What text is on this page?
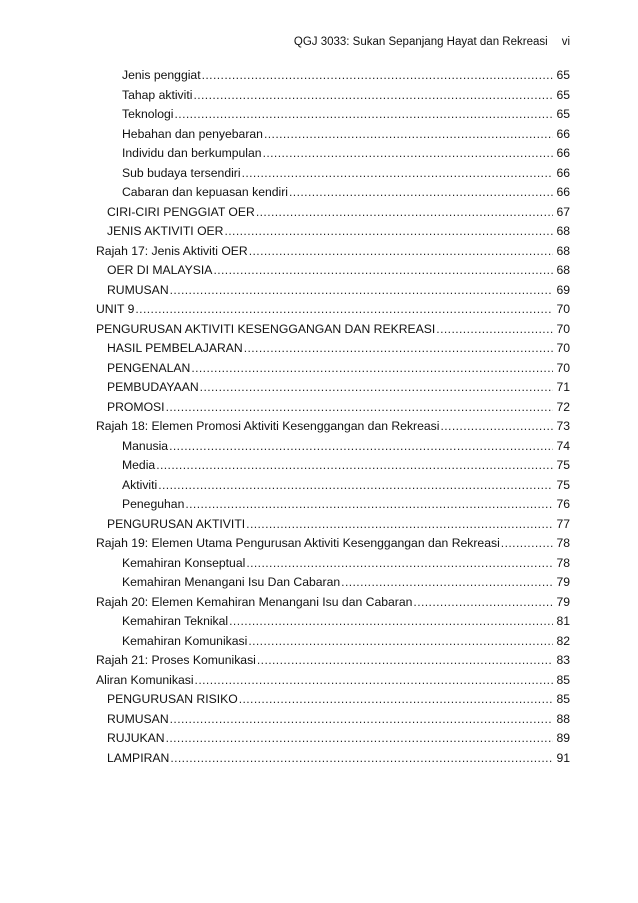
QGJ 3033: Sukan Sepanjang Hayat dan Rekreasi vi
Jenis penggiat .....	65
Tahap aktiviti .....	65
Teknologi .....	65
Hebahan dan penyebaran .....	66
Individu dan berkumpulan .....	66
Sub budaya tersendiri .....	66
Cabaran dan kepuasan kendiri .....	66
CIRI-CIRI PENGGIAT OER .....	67
JENIS AKTIVITI OER .....	68
Rajah 17: Jenis Aktiviti OER .....	68
OER DI MALAYSIA .....	68
RUMUSAN .....	69
UNIT 9 .....	70
PENGURUSAN AKTIVITI KESENGGANGAN DAN REKREASI .....	70
HASIL PEMBELAJARAN .....	70
PENGENALAN .....	70
PEMBUDAYAAN .....	71
PROMOSI .....	72
Rajah 18: Elemen Promosi Aktiviti Kesenggangan dan Rekreasi .....	73
Manusia .....	74
Media .....	75
Aktiviti .....	75
Peneguhan .....	76
PENGURUSAN AKTIVITI .....	77
Rajah 19: Elemen Utama Pengurusan Aktiviti Kesenggangan dan Rekreasi .....	78
Kemahiran Konseptual .....	78
Kemahiran Menangani Isu Dan Cabaran .....	79
Rajah 20: Elemen Kemahiran Menangani Isu dan Cabaran .....	79
Kemahiran Teknikal .....	81
Kemahiran Komunikasi .....	82
Rajah 21: Proses Komunikasi .....	83
Aliran Komunikasi .....	85
PENGURUSAN RISIKO .....	85
RUMUSAN .....	88
RUJUKAN .....	89
LAMPIRAN .....	91
